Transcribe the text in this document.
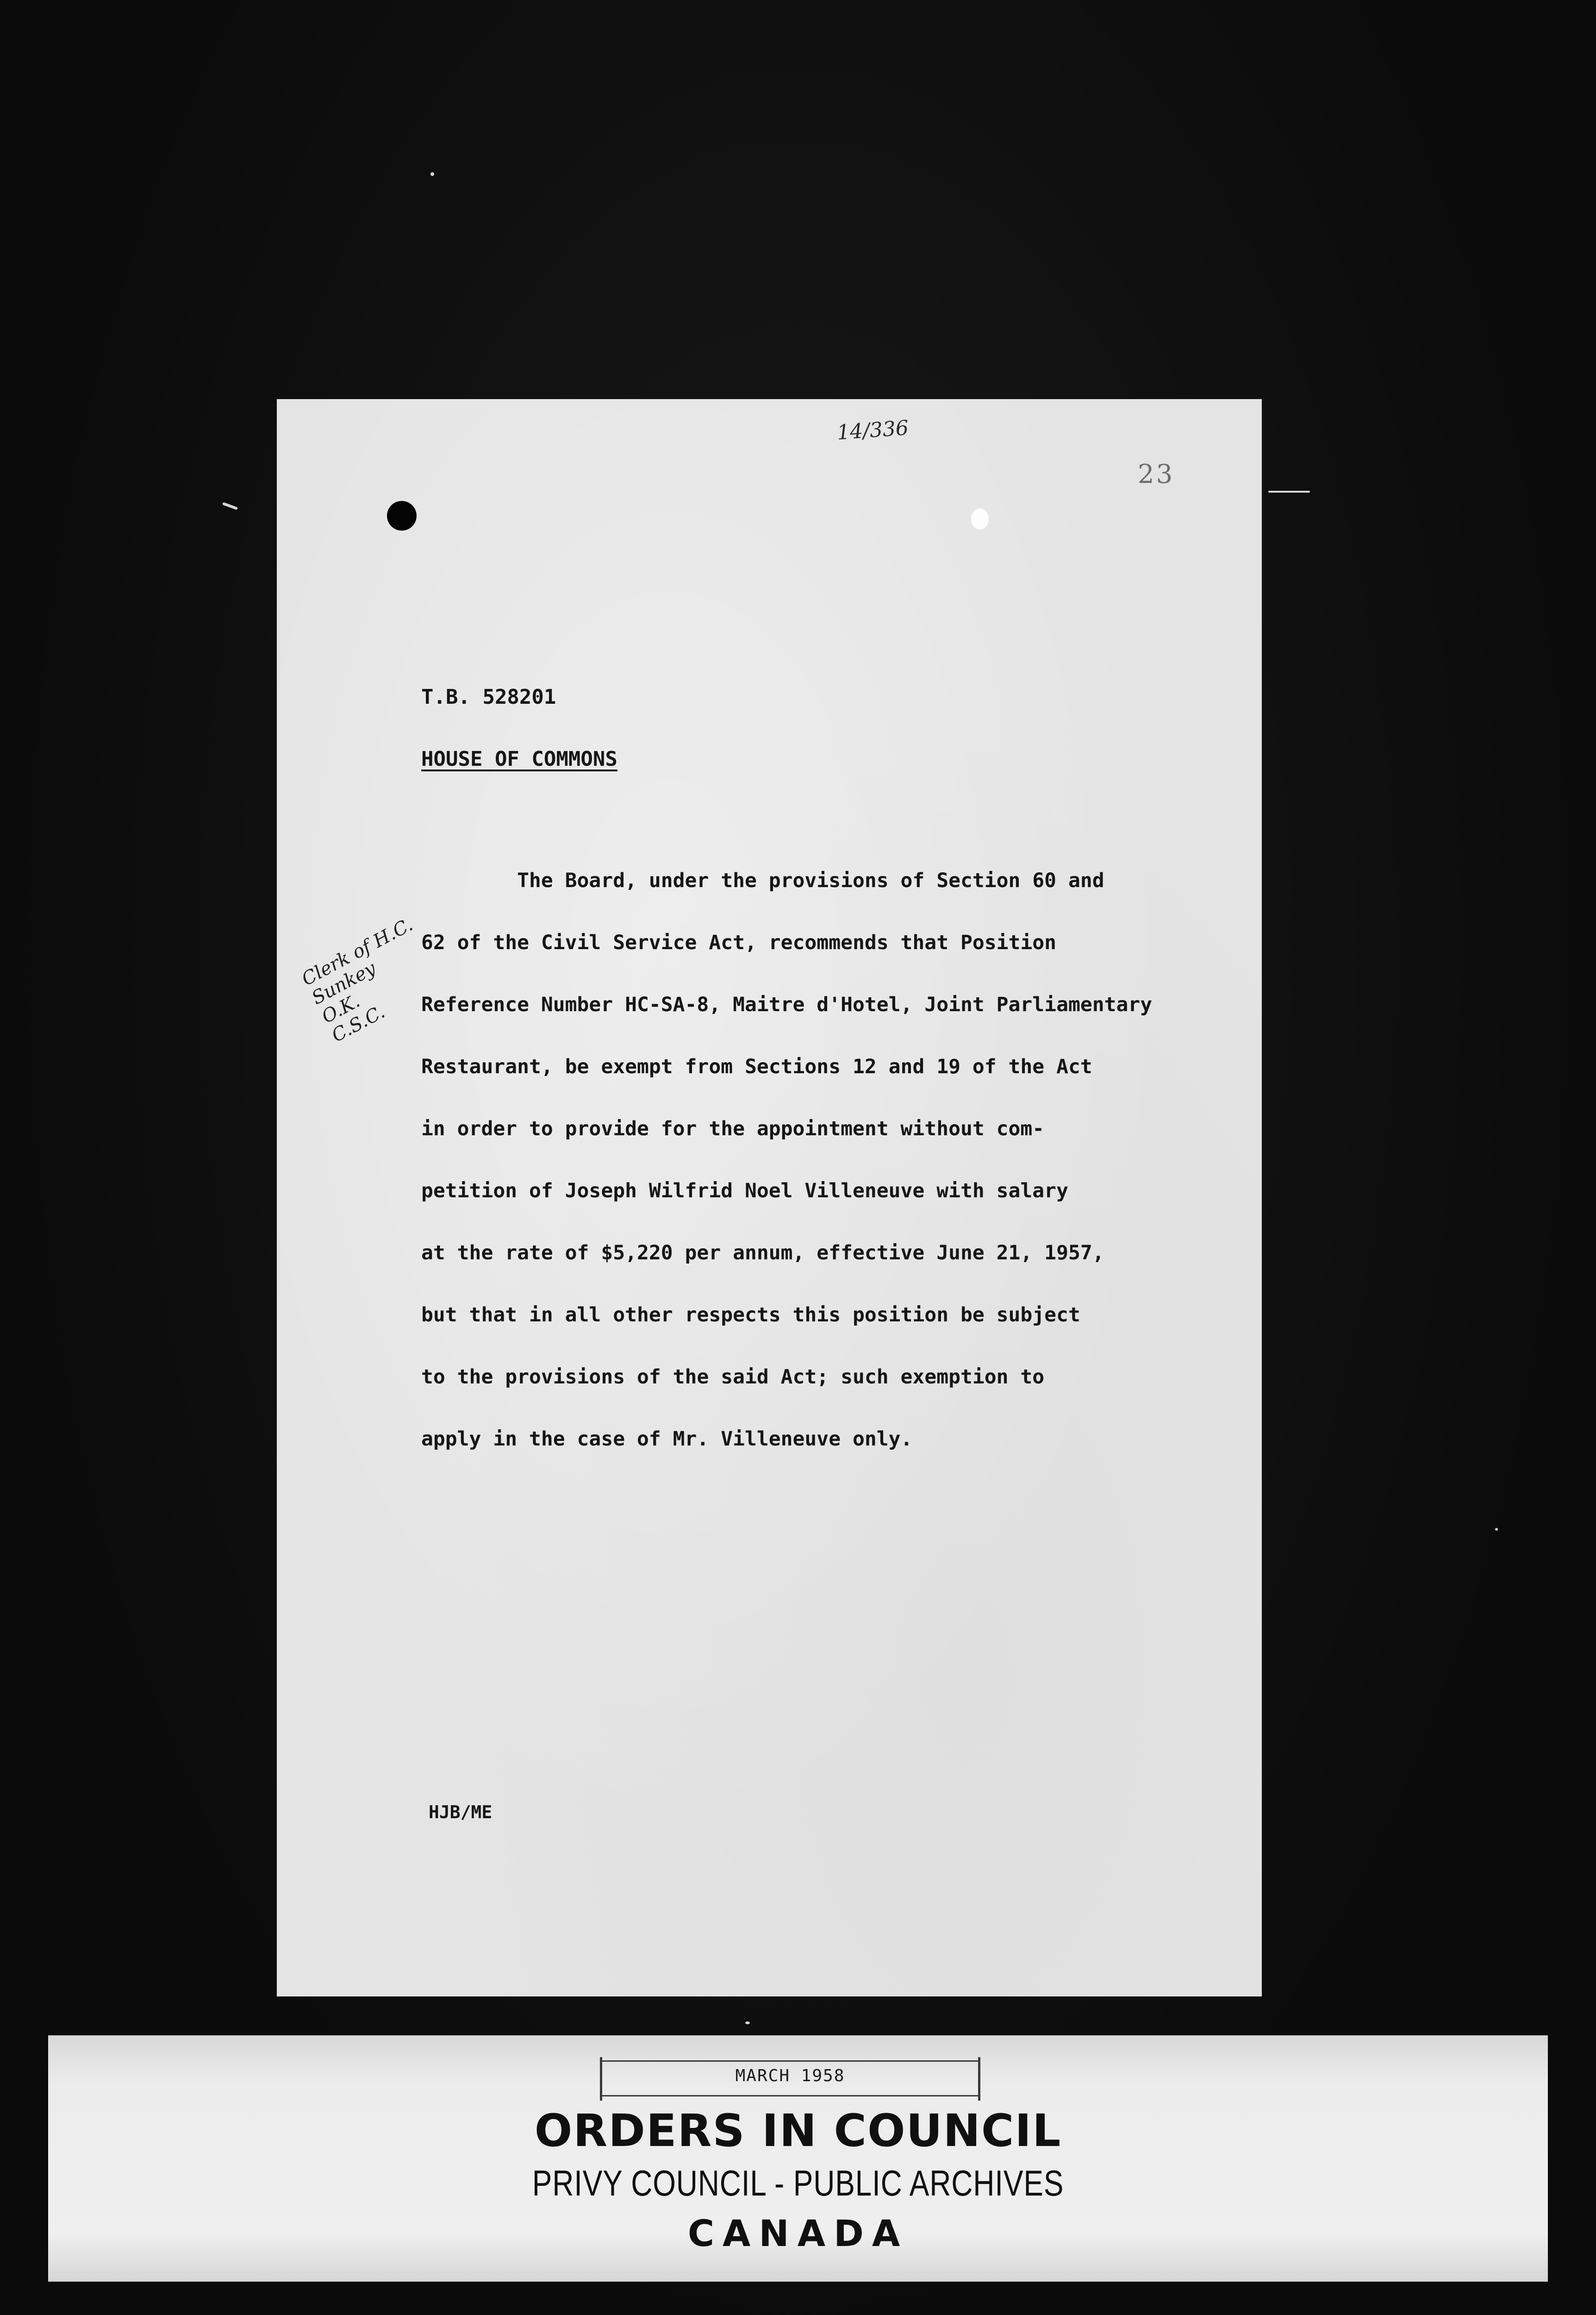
14/336
23
T.B. 528201
HOUSE OF COMMONS
The Board, under the provisions of Section 60 and
62 of the Civil Service Act, recommends that Position
Reference Number HC-SA-8, Maitre d'Hotel, Joint Parliamentary
Restaurant, be exempt from Sections 12 and 19 of the Act
in order to provide for the appointment without com-
petition of Joseph Wilfrid Noel Villeneuve with salary
at the rate of $5,220 per annum, effective June 21, 1957,
but that in all other respects this position be subject
to the provisions of the said Act; such exemption to
apply in the case of Mr. Villeneuve only.
Clerk of H.C.
Sunkey
O.K.
C.S.C.
HJB/ME
MARCH 1958
ORDERS IN COUNCIL
PRIVY COUNCIL - PUBLIC ARCHIVES
CANADA
